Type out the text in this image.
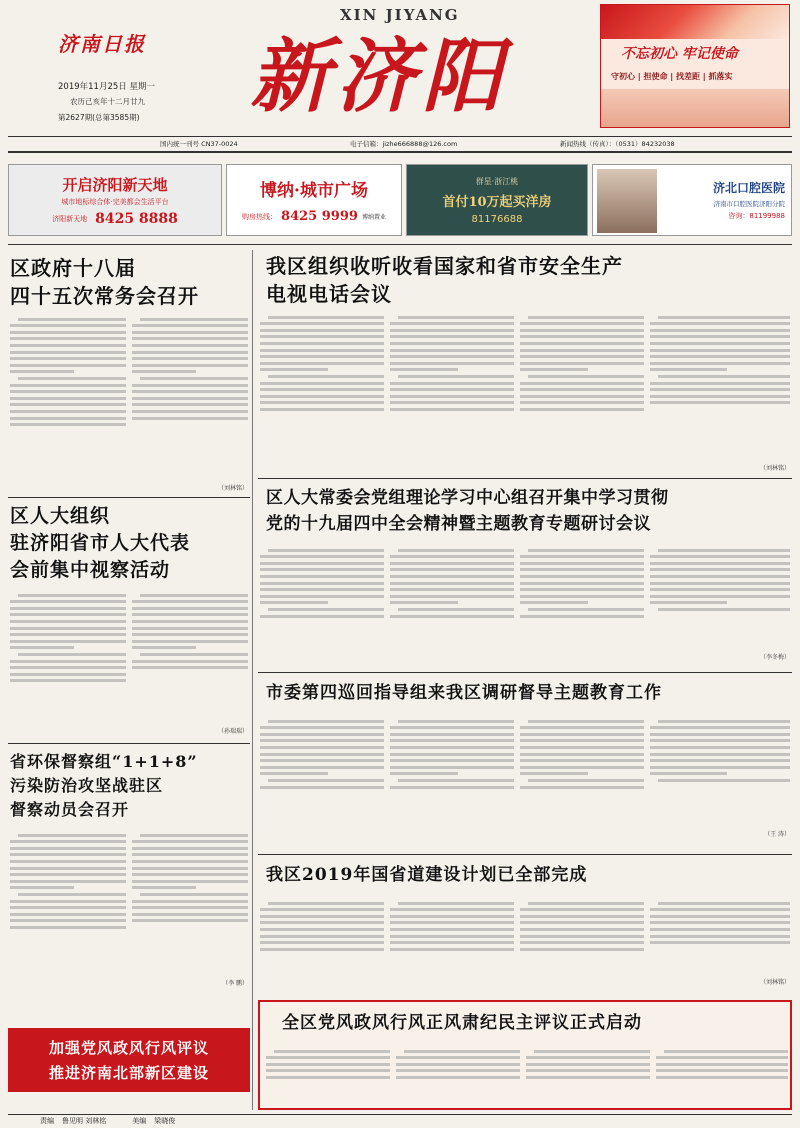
济南日报
2019年11月25日 星期一
农历己亥年十二月廿九
第2627期(总第3585期)
XIN JIYANG
新济阳	不忘初心 牢记使命
守初心 | 担使命 | 找差距 | 抓落实
国内统一刊号 CN37-0024	电子信箱：jizhe666888@126.com	新闻热线（传真）：（0531）84232038
开启济阳新天地
城市地标综合体·完美都会生活平台
济阳新天地 8425 8888
博纳·城市广场
购房热线： 8425 9999 博纳置业
群星·浙江桃
首付10万起买洋房
81176688
济北口腔医院
济南市口腔医院济阳分院
咨询：81199988
区政府十八届
四十五次常务会召开
（刘林铭）
区人大组织
驻济阳省市人大代表
会前集中视察活动
（孙瑞瑞）
省环保督察组“1+1+8”
污染防治攻坚战驻区
督察动员会召开
（李 鹏）
加强党风政风行风评议
推进济南北部新区建设
我区组织收听收看国家和省市安全生产
电视电话会议
（刘林铭）
区人大常委会党组理论学习中心组召开集中学习贯彻
党的十九届四中全会精神暨主题教育专题研讨会议
（李冬梅）
市委第四巡回指导组来我区调研督导主题教育工作
（王 涛）
我区2019年国省道建设计划已全部完成
（刘林铭）
全区党风政风行风正风肃纪民主评议正式启动
责编 鲁见明 刘林铭	美编 梁晓俊
